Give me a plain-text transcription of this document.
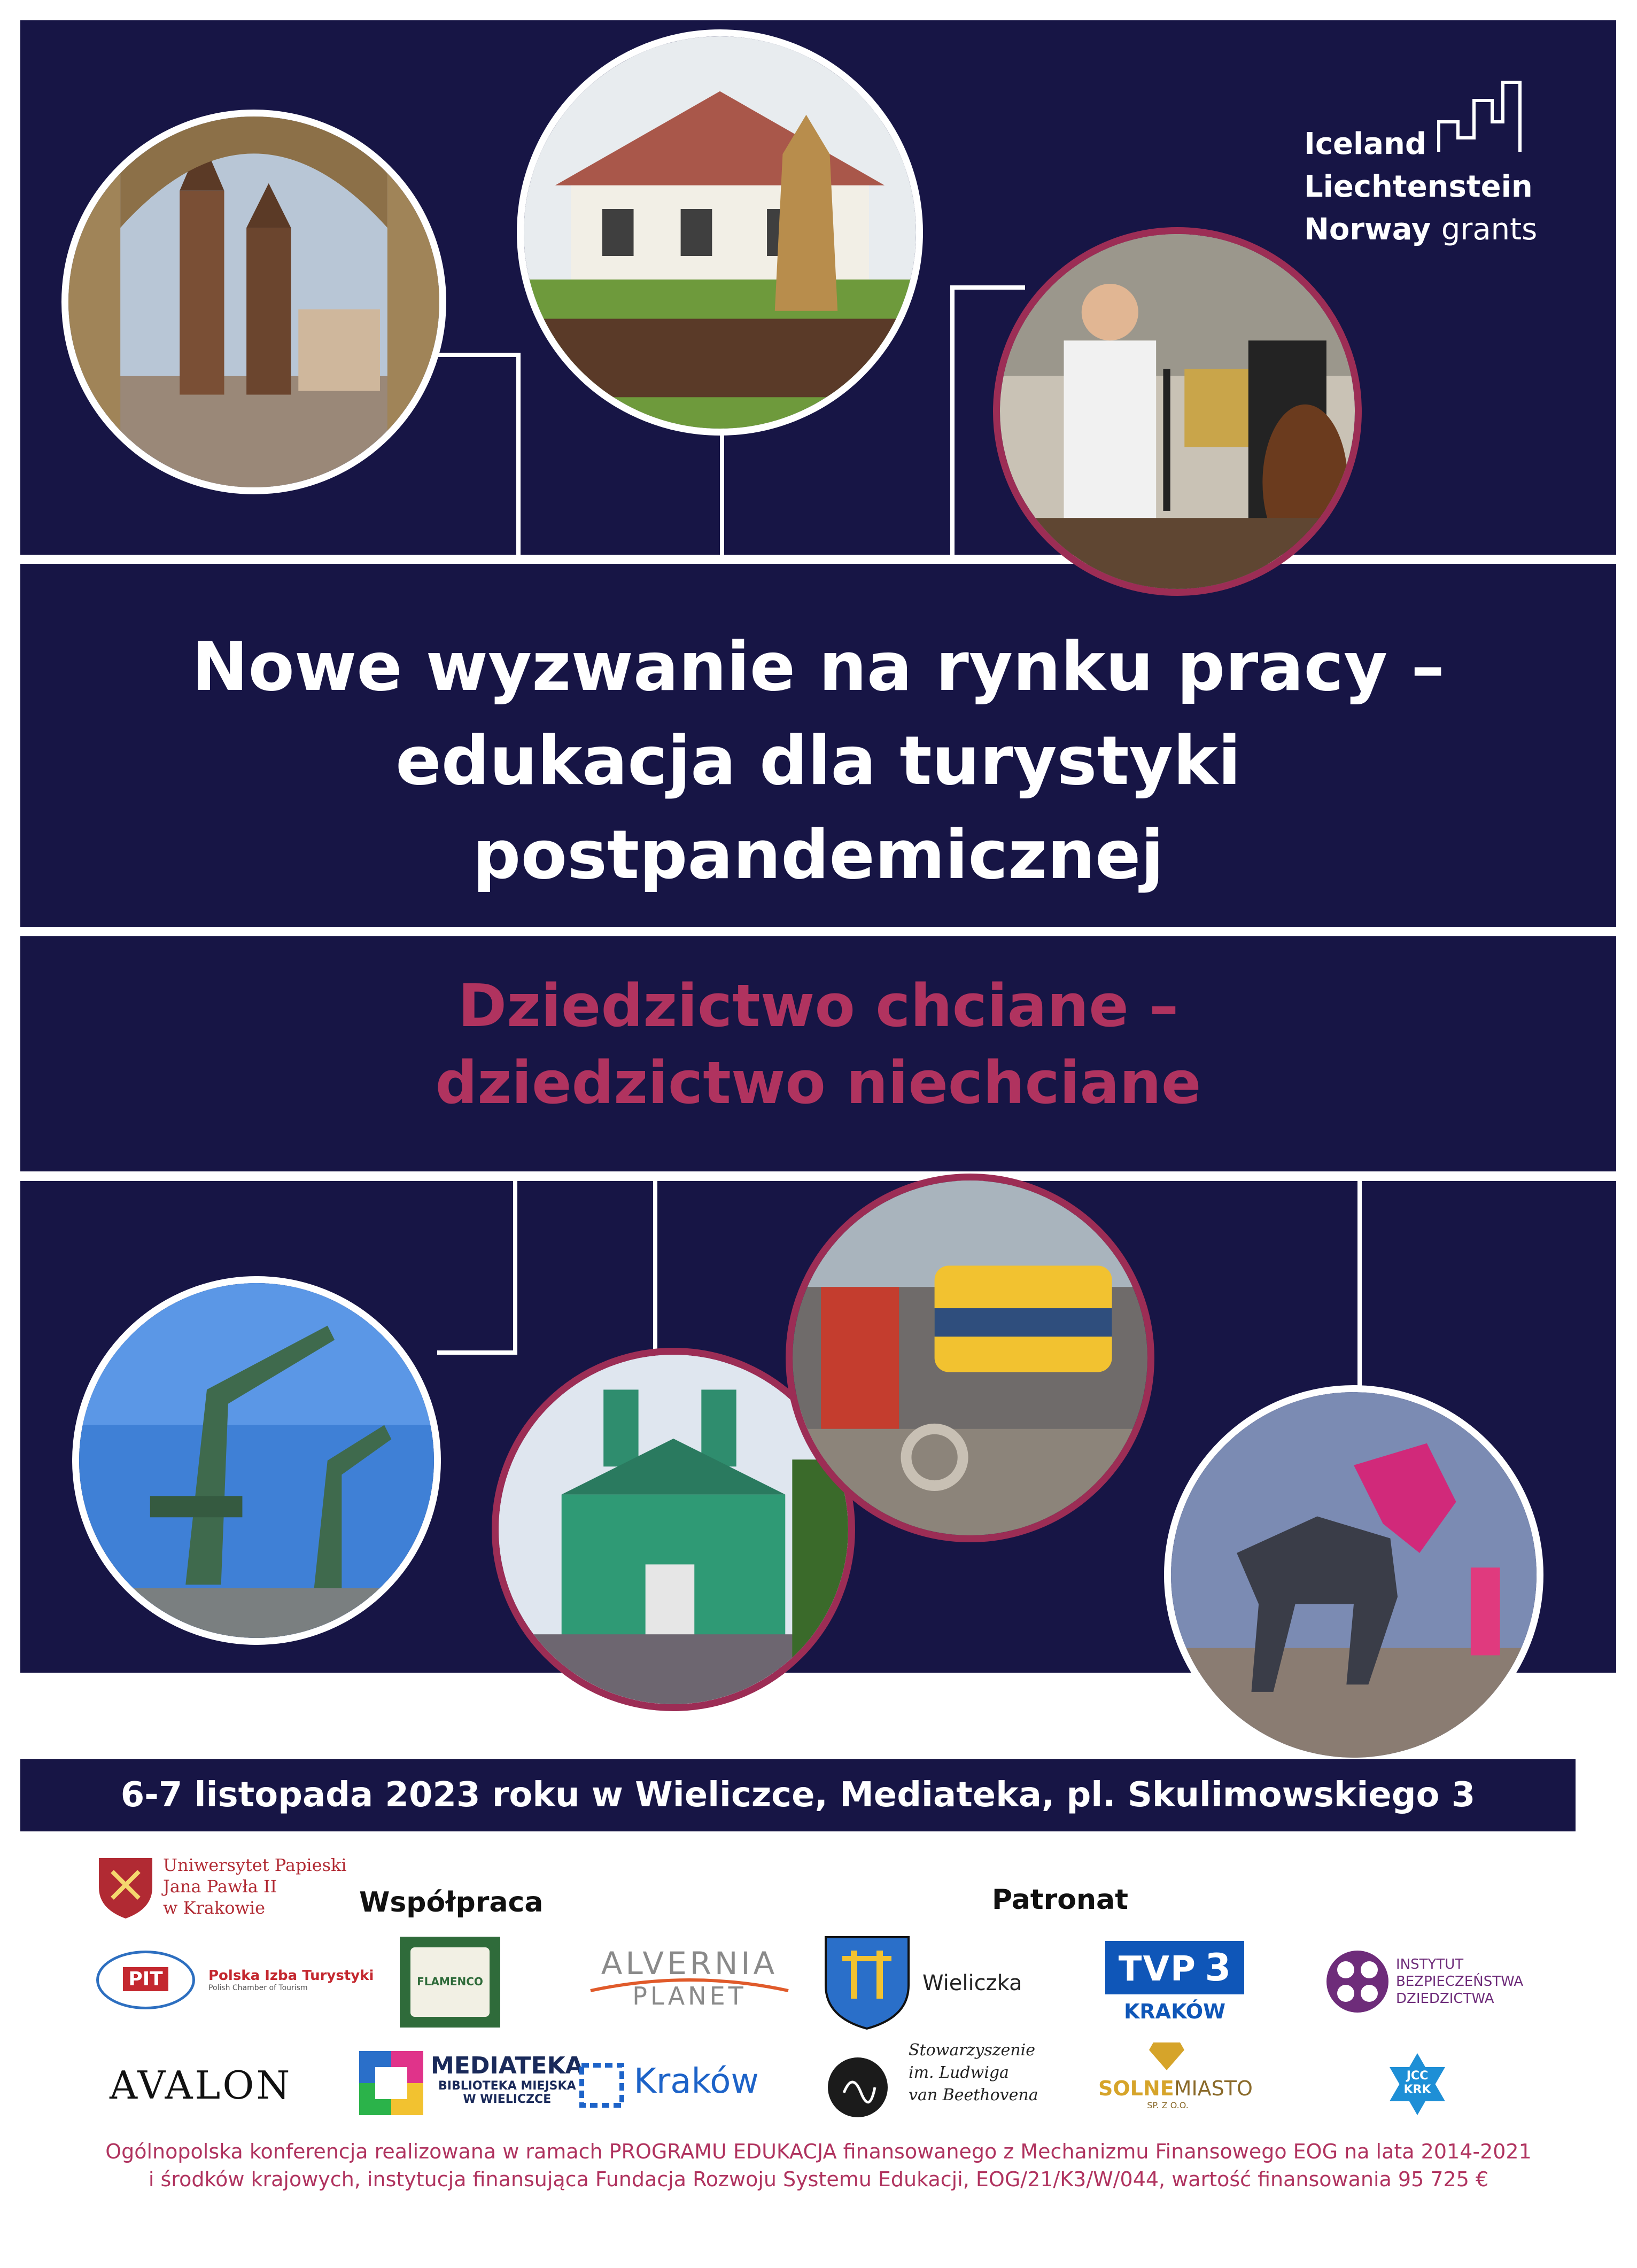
Iceland
Liechtenstein
Norway grants
Nowe wyzwanie na rynku pracy –
edukacja dla turystyki
postpandemicznej
Dziedzictwo chciane –
dziedzictwo niechciane
6-7 listopada 2023 roku w Wieliczce, Mediateka, pl. Skulimowskiego 3
Uniwersytet Papieski
Jana Pawła II
w Krakowie	Współpraca	Patronat
PIT	Polska Izba Turystyki
Polish Chamber of Tourism	FLAMENCO	ALVERNIA
PLANET	Wieliczka	TVP 3
KRAKÓW
INSTYTUT
BEZPIECZEŃSTWA
DZIEDZICTWA
AVALON	MEDIATEKA
BIBLIOTEKA MIEJSKA
W WIELICZCE	Kraków
Stowarzyszenie
im. Ludwiga
van Beethovena	SOLNEMIASTO
SP. Z O.O.
JCC
KRK
Ogólnopolska konferencja realizowana w ramach PROGRAMU EDUKACJA finansowanego z Mechanizmu Finansowego EOG na lata 2014-2021
i środków krajowych, instytucja finansująca Fundacja Rozwoju Systemu Edukacji, EOG/21/K3/W/044, wartość finansowania 95 725 €
